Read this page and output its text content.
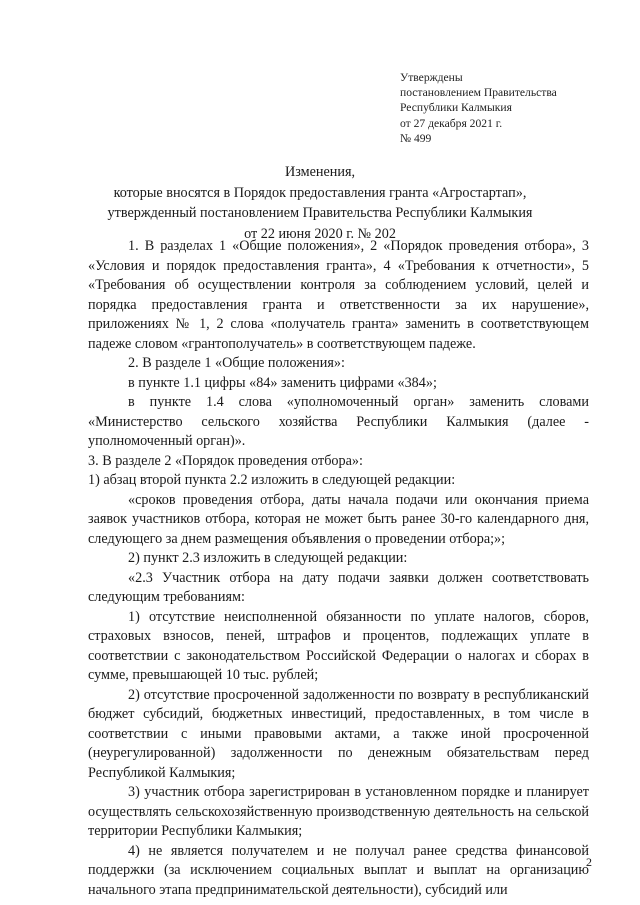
Утверждены
постановлением Правительства
Республики Калмыкия
от 27 декабря 2021 г.
№ 499
Изменения,
которые вносятся в Порядок предоставления гранта «Агростартап»,
утвержденный постановлением Правительства Республики Калмыкия
от 22 июня 2020 г. № 202

1. В разделах 1 «Общие положения», 2 «Порядок проведения отбора», 3 «Условия и порядок предоставления гранта», 4 «Требования к отчетности», 5 «Требования об осуществлении контроля за соблюдением условий, целей и порядка предоставления гранта и ответственности за их нарушение», приложениях № 1, 2 слова «получатель гранта» заменить в соответствующем падеже словом «грантополучатель» в соответствующем падеже.

2. В разделе 1 «Общие положения»:

в пункте 1.1 цифры «84» заменить цифрами «384»;

в пункте 1.4 слова «уполномоченный орган» заменить словами «Министерство сельского хозяйства Республики Калмыкия (далее - уполномоченный орган)».

3. В разделе 2 «Порядок проведения отбора»:

1) абзац второй пункта 2.2 изложить в следующей редакции:

«сроков проведения отбора, даты начала подачи или окончания приема заявок участников отбора, которая не может быть ранее 30-го календарного дня, следующего за днем размещения объявления о проведении отбора;»;

2) пункт 2.3 изложить в следующей редакции:

«2.3 Участник отбора на дату подачи заявки должен соответствовать следующим требованиям:

1) отсутствие неисполненной обязанности по уплате налогов, сборов, страховых взносов, пеней, штрафов и процентов, подлежащих уплате в соответствии с законодательством Российской Федерации о налогах и сборах в сумме, превышающей 10 тыс. рублей;

2) отсутствие просроченной задолженности по возврату в республиканский бюджет субсидий, бюджетных инвестиций, предоставленных, в том числе в соответствии с иными правовыми актами, а также иной просроченной (неурегулированной) задолженности по денежным обязательствам перед Республикой Калмыкия;

3) участник отбора зарегистрирован в установленном порядке и планирует осуществлять сельскохозяйственную производственную деятельность на сельской территории Республики Калмыкия;

4) не является получателем и не получал ранее средства финансовой поддержки (за исключением социальных выплат и выплат на организацию начального этапа предпринимательской деятельности), субсидий или

2
